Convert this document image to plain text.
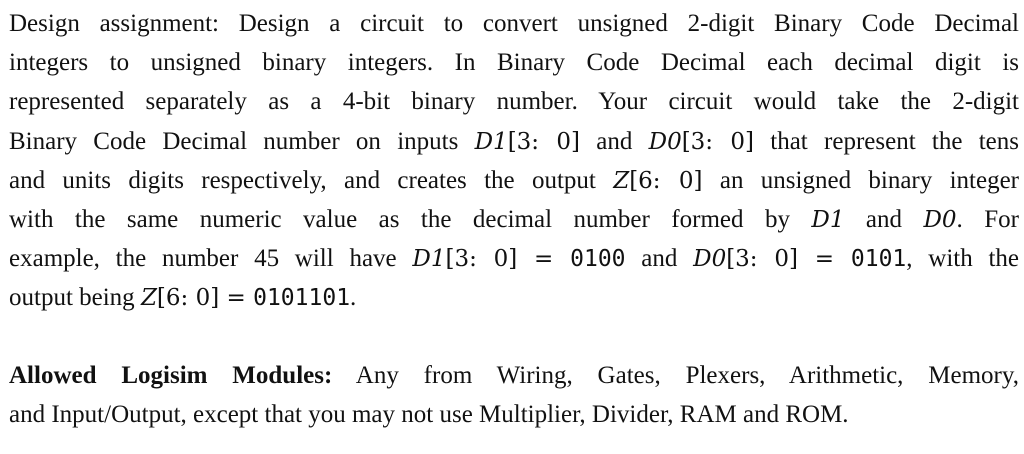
Design assignment: Design a circuit to convert unsigned 2-digit Binary Code Decimal
integers to unsigned binary integers. In Binary Code Decimal each decimal digit is
represented separately as a 4-bit binary number. Your circuit would take the 2-digit
Binary Code Decimal number on inputs D1[3: 0] and D0[3: 0] that represent the tens
and units digits respectively, and creates the output Z[6: 0] an unsigned binary integer
with the same numeric value as the decimal number formed by D1 and D0. For
example, the number 45 will have D1[3: 0] = 0100 and D0[3: 0] = 0101, with the
output being Z[6: 0] = 0101101.
Allowed Logisim Modules: Any from Wiring, Gates, Plexers, Arithmetic, Memory,
and Input/Output, except that you may not use Multiplier, Divider, RAM and ROM.
